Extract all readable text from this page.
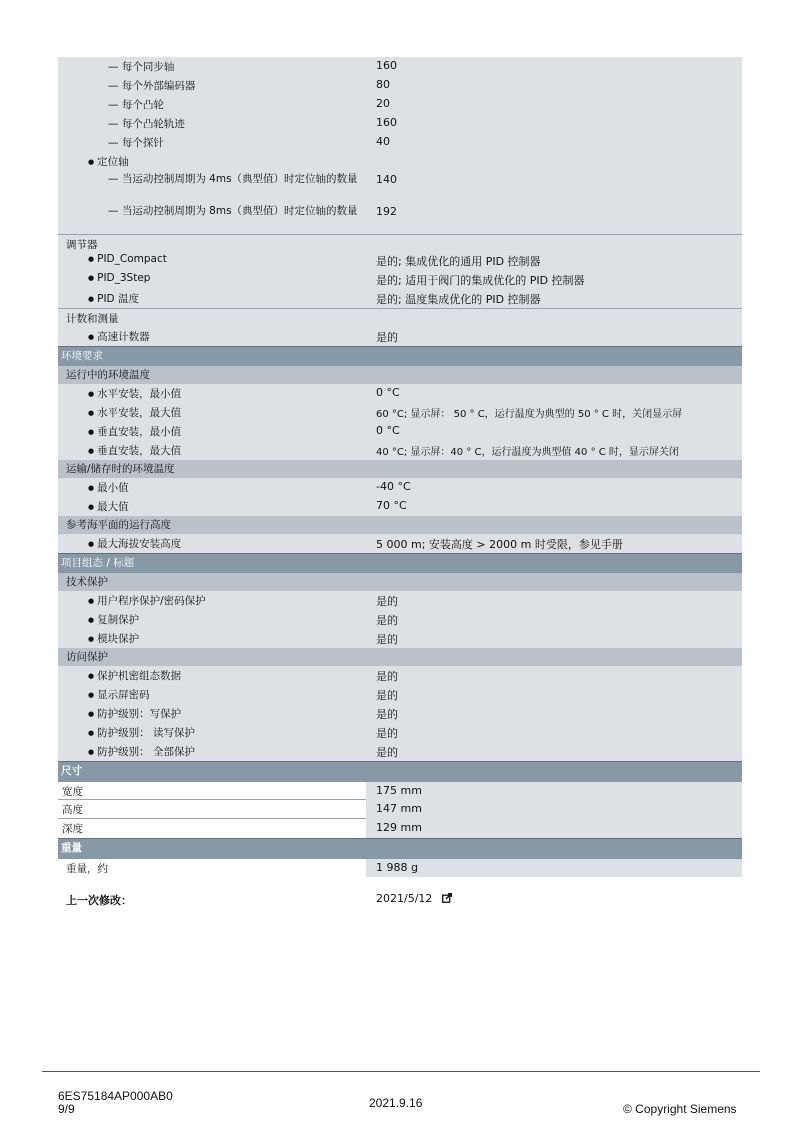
— 每个同步轴	160
— 每个外部编码器	80
— 每个凸轮	20
— 每个凸轮轨迹	160
— 每个探针	40
● 定位轴
— 当运动控制周期为 4ms（典型值）时定位轴的数量	140
— 当运动控制周期为 8ms（典型值）时定位轴的数量	192
调节器
● PID_Compact	是的; 集成优化的通用 PID 控制器
● PID_3Step	是的; 适用于阀门的集成优化的 PID 控制器
● PID 温度	是的; 温度集成优化的 PID 控制器
计数和测量
● 高速计数器	是的
环境要求
运行中的环境温度
● 水平安装，最小值	0 °C
● 水平安装，最大值	60 °C; 显示屏： 50 ° C，运行温度为典型的 50 ° C 时，关闭显示屏
● 垂直安装，最小值	0 °C
● 垂直安装，最大值	40 °C; 显示屏：40 ° C，运行温度为典型值 40 ° C 时，显示屏关闭
运输/储存时的环境温度
● 最小值	-40 °C
● 最大值	70 °C
参考海平面的运行高度
● 最大海拔安装高度	5 000 m; 安装高度 > 2000 m 时受限，参见手册
项目组态 / 标题
技术保护
● 用户程序保护/密码保护	是的
● 复制保护	是的
● 模块保护	是的
访问保护
● 保护机密组态数据	是的
● 显示屏密码	是的
● 防护级别：写保护	是的
● 防护级别： 读写保护	是的
● 防护级别： 全部保护	是的
尺寸
宽度	175 mm
高度	147 mm
深度	129 mm
重量
重量，约	1 988 g
上一次修改：	2021/5/12
6ES75184AP000AB0
9/9	2021.9.16	© Copyright Siemens
